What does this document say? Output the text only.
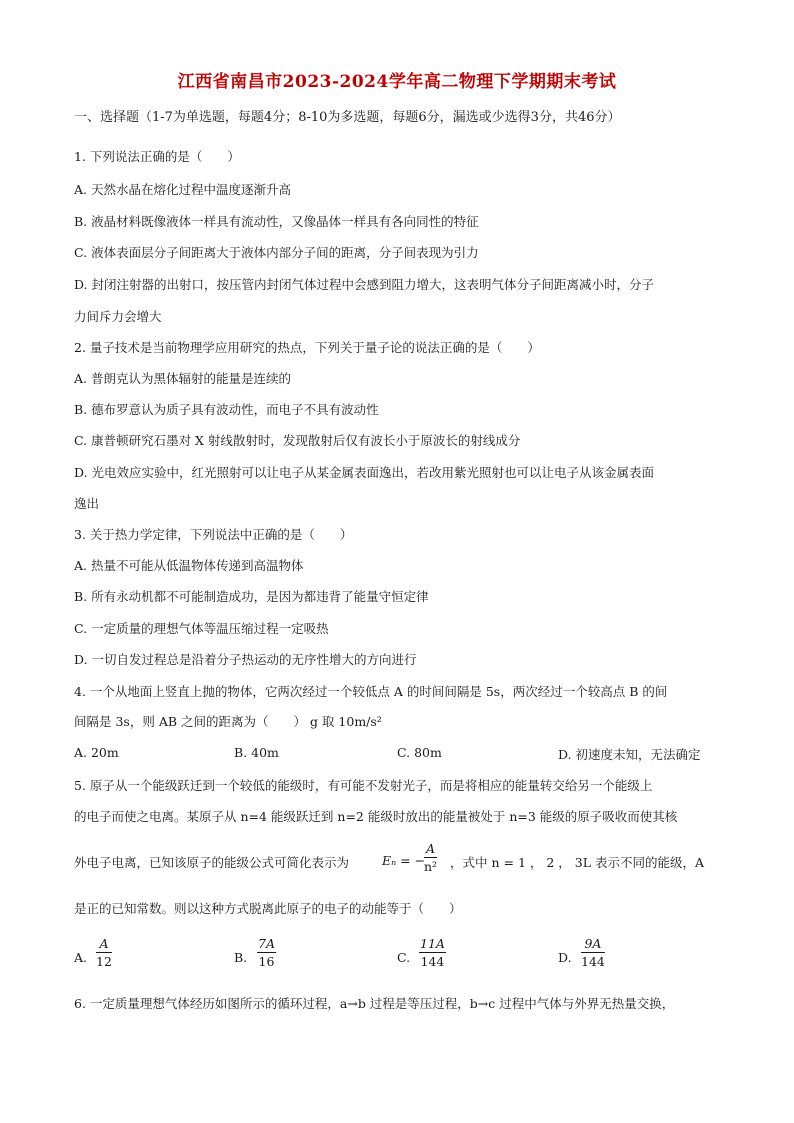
江西省南昌市2023-2024学年高二物理下学期期末考试
一、选择题（1-7为单选题，每题4分；8-10为多选题，每题6分，漏选或少选得3分，共46分）
1. 下列说法正确的是（　　）
A. 天然水晶在熔化过程中温度逐渐升高
B. 液晶材料既像液体一样具有流动性，又像晶体一样具有各向同性的特征
C. 液体表面层分子间距离大于液体内部分子间的距离，分子间表现为引力
D. 封闭注射器的出射口，按压管内封闭气体过程中会感到阻力增大，这表明气体分子间距离减小时，分子
力间斥力会增大
2. 量子技术是当前物理学应用研究的热点，下列关于量子论的说法正确的是（　　）
A. 普朗克认为黑体辐射的能量是连续的
B. 德布罗意认为质子具有波动性，而电子不具有波动性
C. 康普顿研究石墨对 X 射线散射时，发现散射后仅有波长小于原波长的射线成分
D. 光电效应实验中，红光照射可以让电子从某金属表面逸出，若改用紫光照射也可以让电子从该金属表面
逸出
3. 关于热力学定律，下列说法中正确的是（　　）
A. 热量不可能从低温物体传递到高温物体
B. 所有永动机都不可能制造成功，是因为都违背了能量守恒定律
C. 一定质量的理想气体等温压缩过程一定吸热
D. 一切自发过程总是沿着分子热运动的无序性增大的方向进行
4. 一个从地面上竖直上抛的物体，它两次经过一个较低点 A 的时间间隔是 5s，两次经过一个较高点 B 的间
间隔是 3s，则 AB 之间的距离为（　　） g 取 10m/s²
A. 20m	B. 40m	C. 80m	D. 初速度未知，无法确定
5. 原子从一个能级跃迁到一个较低的能级时，有可能不发射光子，而是将相应的能量转交给另一个能级上
的电子而使之电离。某原子从 n=4 能级跃迁到 n=2 能级时放出的能量被处于 n=3 能级的原子吸收而使其核
外电子电离，已知该原子的能级公式可简化表示为	Eₙ = −
A
n² ，式中 n = 1 ， 2 ， 3L 表示不同的能级，A
是正的已知常数。则以这种方式脱离此原子的电子的动能等于（　　）
A.
A
12	B.
7A
16	C.
11A
144	D.
9A
144
6. 一定质量理想气体经历如图所示的循环过程，a→b 过程是等压过程，b→c 过程中气体与外界无热量交换，
